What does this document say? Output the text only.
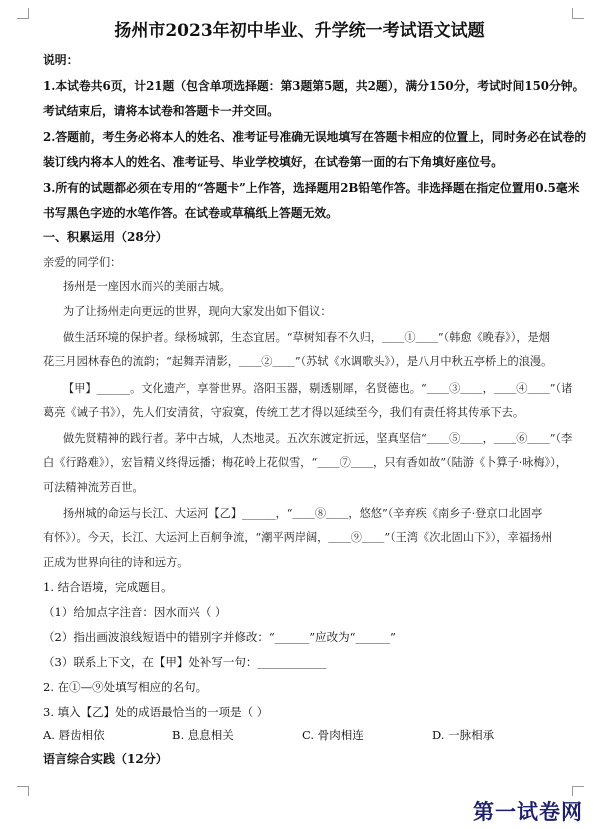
扬州市2023年初中毕业、升学统一考试语文试题
说明：
1.本试卷共6页，计21题（包含单项选择题：第3题第5题，共2题），满分150分，考试时间150分钟。
考试结束后，请将本试卷和答题卡一并交回。
2.答题前，考生务必将本人的姓名、准考证号准确无误地填写在答题卡相应的位置上，同时务必在试卷的
装订线内将本人的姓名、准考证号、毕业学校填好，在试卷第一面的右下角填好座位号。
3.所有的试题都必须在专用的“答题卡”上作答，选择题用2B铅笔作答。非选择题在指定位置用0.5毫米
书写黑色字迹的水笔作答。在试卷或草稿纸上答题无效。
一、积累运用（28分）
亲爱的同学们：
扬州是一座因水而兴的美丽古城。
为了让扬州走向更远的世界，现向大家发出如下倡议：
做生活环境的保护者。绿杨城郭，生态宜居。“草树知春不久归，＿＿①＿＿”（韩愈《晚春》），是烟
花三月园林春色的流韵；“起舞弄清影，＿＿②＿＿”（苏轼《水调歌头》），是八月中秋五亭桥上的浪漫。
【甲】______。文化遗产，享誉世界。洛阳玉器，剔透剔犀，名贤德也。“＿＿③＿＿，＿＿④＿＿”（诸
葛亮《诫子书》），先人们安清贫，守寂寞，传统工艺才得以延续至今，我们有责任将其传承下去。
做先贤精神的践行者。茅中古城，人杰地灵。五次东渡定折远，坚真坚信“＿＿⑤＿＿，＿＿⑥＿＿”（李
白《行路难》），宏旨精义终得远播；梅花岭上花似雪，“＿＿⑦＿＿，只有香如故”（陆游《卜算子·咏梅》），
可法精神流芳百世。
扬州城的命运与长江、大运河【乙】______，“＿＿⑧＿＿，悠悠”（辛弃疾《南乡子·登京口北固亭
有怀》）。今天，长江、大运河上百舸争流，“潮平两岸阔，＿＿⑨＿＿”（王湾《次北固山下》），幸福扬州
正成为世界向往的诗和远方。
1. 结合语境，完成题目。
（1）给加点字注音：因水而兴（ ）
（2）指出画波浪线短语中的错别字并修改：“______”应改为“______”
（3）联系上下文，在【甲】处补写一句：____________
2. 在①—⑨处填写相应的名句。
3. 填入【乙】处的成语最恰当的一项是（ ）
A. 唇齿相依	B. 息息相关	C. 骨肉相连	D. 一脉相承
语言综合实践（12分）
第一试卷网
